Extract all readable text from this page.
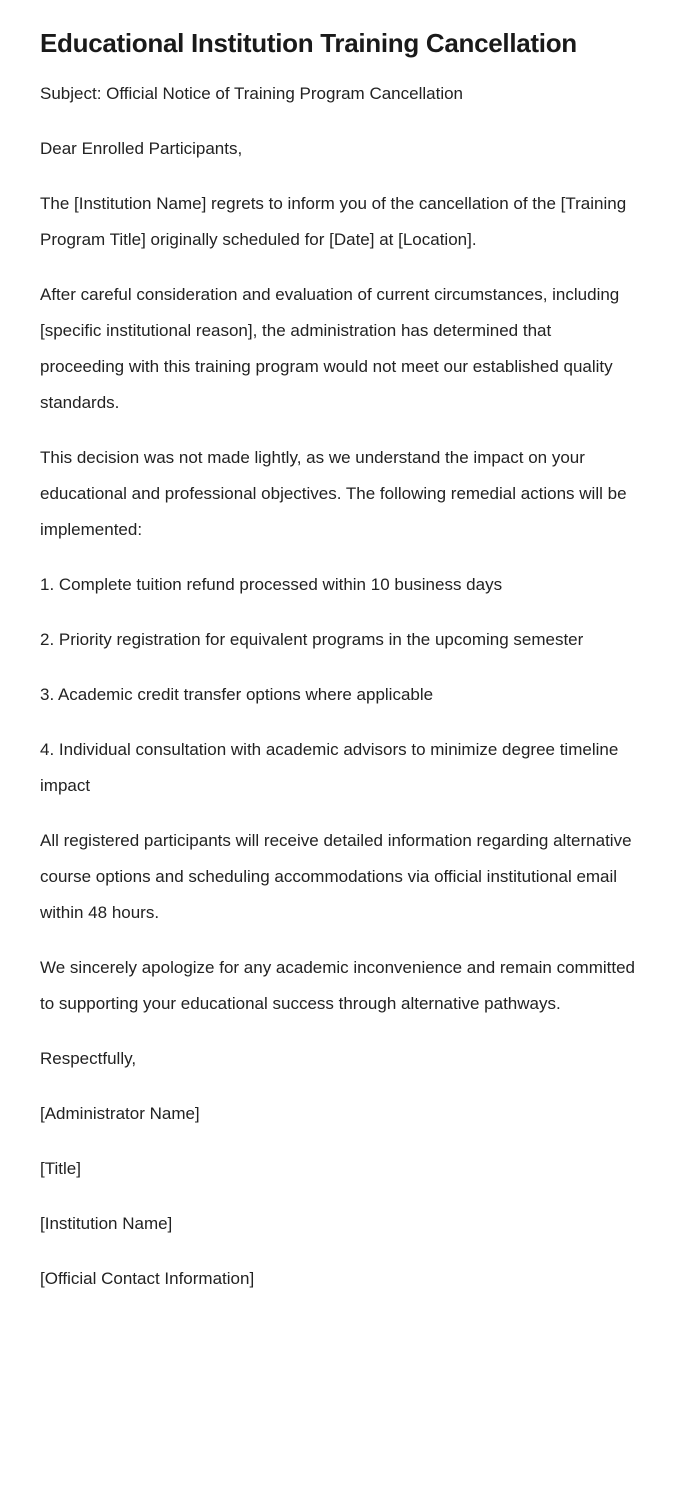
Educational Institution Training Cancellation

Subject: Official Notice of Training Program Cancellation

Dear Enrolled Participants,

The [Institution Name] regrets to inform you of the cancellation of the [Training Program Title] originally scheduled for [Date] at [Location].

After careful consideration and evaluation of current circumstances, including [specific institutional reason], the administration has determined that proceeding with this training program would not meet our established quality standards.

This decision was not made lightly, as we understand the impact on your educational and professional objectives. The following remedial actions will be implemented:

1. Complete tuition refund processed within 10 business days

2. Priority registration for equivalent programs in the upcoming semester

3. Academic credit transfer options where applicable

4. Individual consultation with academic advisors to minimize degree timeline impact

All registered participants will receive detailed information regarding alternative course options and scheduling accommodations via official institutional email within 48 hours.

We sincerely apologize for any academic inconvenience and remain committed to supporting your educational success through alternative pathways.

Respectfully,

[Administrator Name]

[Title]

[Institution Name]

[Official Contact Information]
